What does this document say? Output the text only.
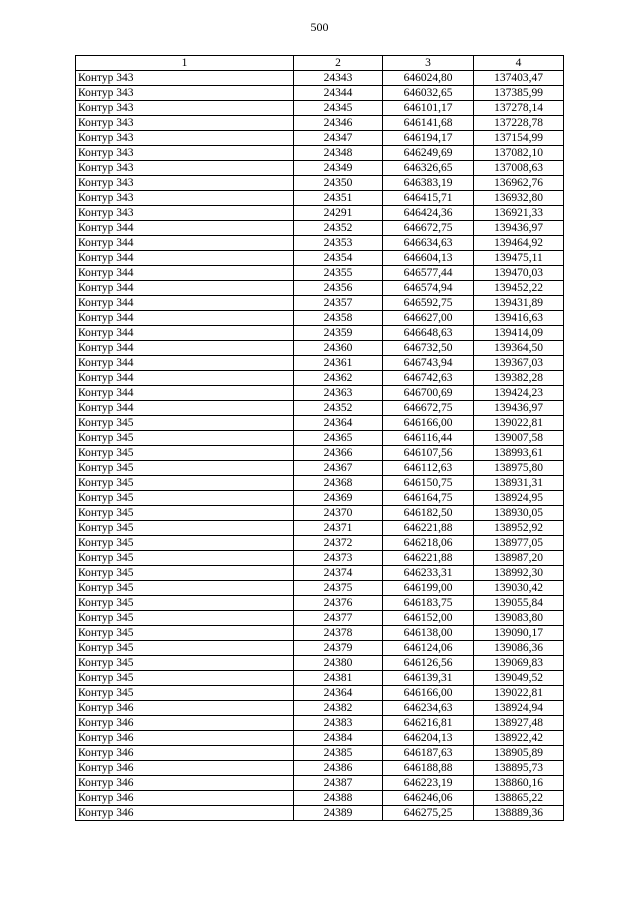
500
1	2	3	4
Контур 343	24343	646024,80	137403,47
Контур 343	24344	646032,65	137385,99
Контур 343	24345	646101,17	137278,14
Контур 343	24346	646141,68	137228,78
Контур 343	24347	646194,17	137154,99
Контур 343	24348	646249,69	137082,10
Контур 343	24349	646326,65	137008,63
Контур 343	24350	646383,19	136962,76
Контур 343	24351	646415,71	136932,80
Контур 343	24291	646424,36	136921,33
Контур 344	24352	646672,75	139436,97
Контур 344	24353	646634,63	139464,92
Контур 344	24354	646604,13	139475,11
Контур 344	24355	646577,44	139470,03
Контур 344	24356	646574,94	139452,22
Контур 344	24357	646592,75	139431,89
Контур 344	24358	646627,00	139416,63
Контур 344	24359	646648,63	139414,09
Контур 344	24360	646732,50	139364,50
Контур 344	24361	646743,94	139367,03
Контур 344	24362	646742,63	139382,28
Контур 344	24363	646700,69	139424,23
Контур 344	24352	646672,75	139436,97
Контур 345	24364	646166,00	139022,81
Контур 345	24365	646116,44	139007,58
Контур 345	24366	646107,56	138993,61
Контур 345	24367	646112,63	138975,80
Контур 345	24368	646150,75	138931,31
Контур 345	24369	646164,75	138924,95
Контур 345	24370	646182,50	138930,05
Контур 345	24371	646221,88	138952,92
Контур 345	24372	646218,06	138977,05
Контур 345	24373	646221,88	138987,20
Контур 345	24374	646233,31	138992,30
Контур 345	24375	646199,00	139030,42
Контур 345	24376	646183,75	139055,84
Контур 345	24377	646152,00	139083,80
Контур 345	24378	646138,00	139090,17
Контур 345	24379	646124,06	139086,36
Контур 345	24380	646126,56	139069,83
Контур 345	24381	646139,31	139049,52
Контур 345	24364	646166,00	139022,81
Контур 346	24382	646234,63	138924,94
Контур 346	24383	646216,81	138927,48
Контур 346	24384	646204,13	138922,42
Контур 346	24385	646187,63	138905,89
Контур 346	24386	646188,88	138895,73
Контур 346	24387	646223,19	138860,16
Контур 346	24388	646246,06	138865,22
Контур 346	24389	646275,25	138889,36
